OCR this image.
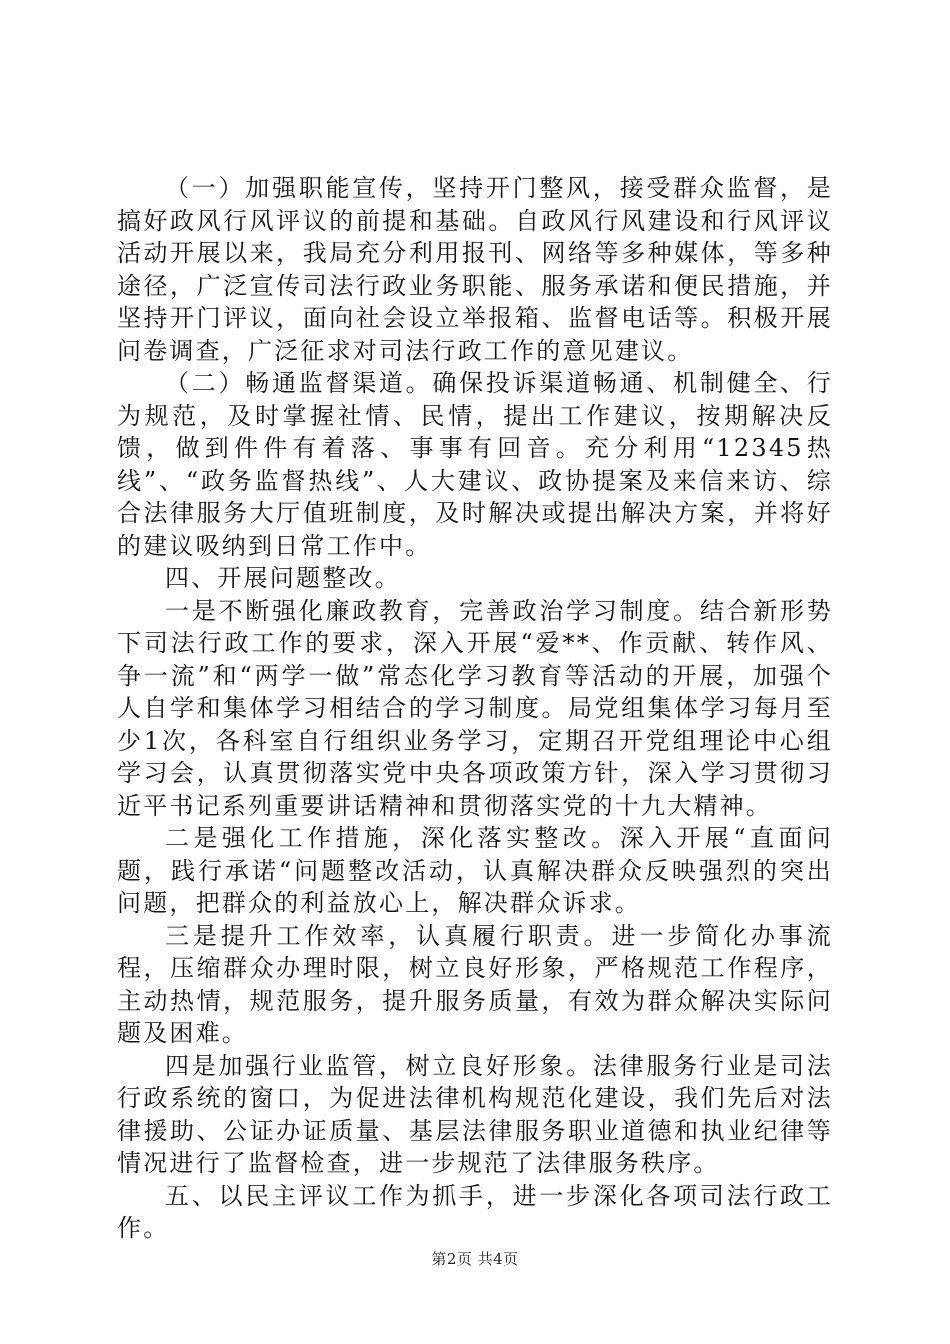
（一）加强职能宣传，坚持开门整风，接受群众监督，是搞好政风行风评议的前提和基础。自政风行风建设和行风评议活动开展以来，我局充分利用报刊、网络等多种媒体，等多种途径，广泛宣传司法行政业务职能、服务承诺和便民措施，并坚持开门评议，面向社会设立举报箱、监督电话等。积极开展问卷调查，广泛征求对司法行政工作的意见建议。

（二）畅通监督渠道。确保投诉渠道畅通、机制健全、行为规范，及时掌握社情、民情，提出工作建议，按期解决反馈，做到件件有着落、事事有回音。充分利用“12345热线”、“政务监督热线”、人大建议、政协提案及来信来访、综合法律服务大厅值班制度，及时解决或提出解决方案，并将好的建议吸纳到日常工作中。

四、开展问题整改。

一是不断强化廉政教育，完善政治学习制度。结合新形势下司法行政工作的要求，深入开展“爱**、作贡献、转作风、争一流”和“两学一做”常态化学习教育等活动的开展，加强个人自学和集体学习相结合的学习制度。局党组集体学习每月至少1次，各科室自行组织业务学习，定期召开党组理论中心组学习会，认真贯彻落实党中央各项政策方针，深入学习贯彻习近平书记系列重要讲话精神和贯彻落实党的十九大精神。

二是强化工作措施，深化落实整改。深入开展“直面问题，践行承诺“问题整改活动，认真解决群众反映强烈的突出问题，把群众的利益放心上，解决群众诉求。

三是提升工作效率，认真履行职责。进一步简化办事流程，压缩群众办理时限，树立良好形象，严格规范工作程序，主动热情，规范服务，提升服务质量，有效为群众解决实际问题及困难。

四是加强行业监管，树立良好形象。法律服务行业是司法行政系统的窗口，为促进法律机构规范化建设，我们先后对法律援助、公证办证质量、基层法律服务职业道德和执业纪律等情况进行了监督检查，进一步规范了法律服务秩序。

五、以民主评议工作为抓手，进一步深化各项司法行政工作。

第2页 共4页
